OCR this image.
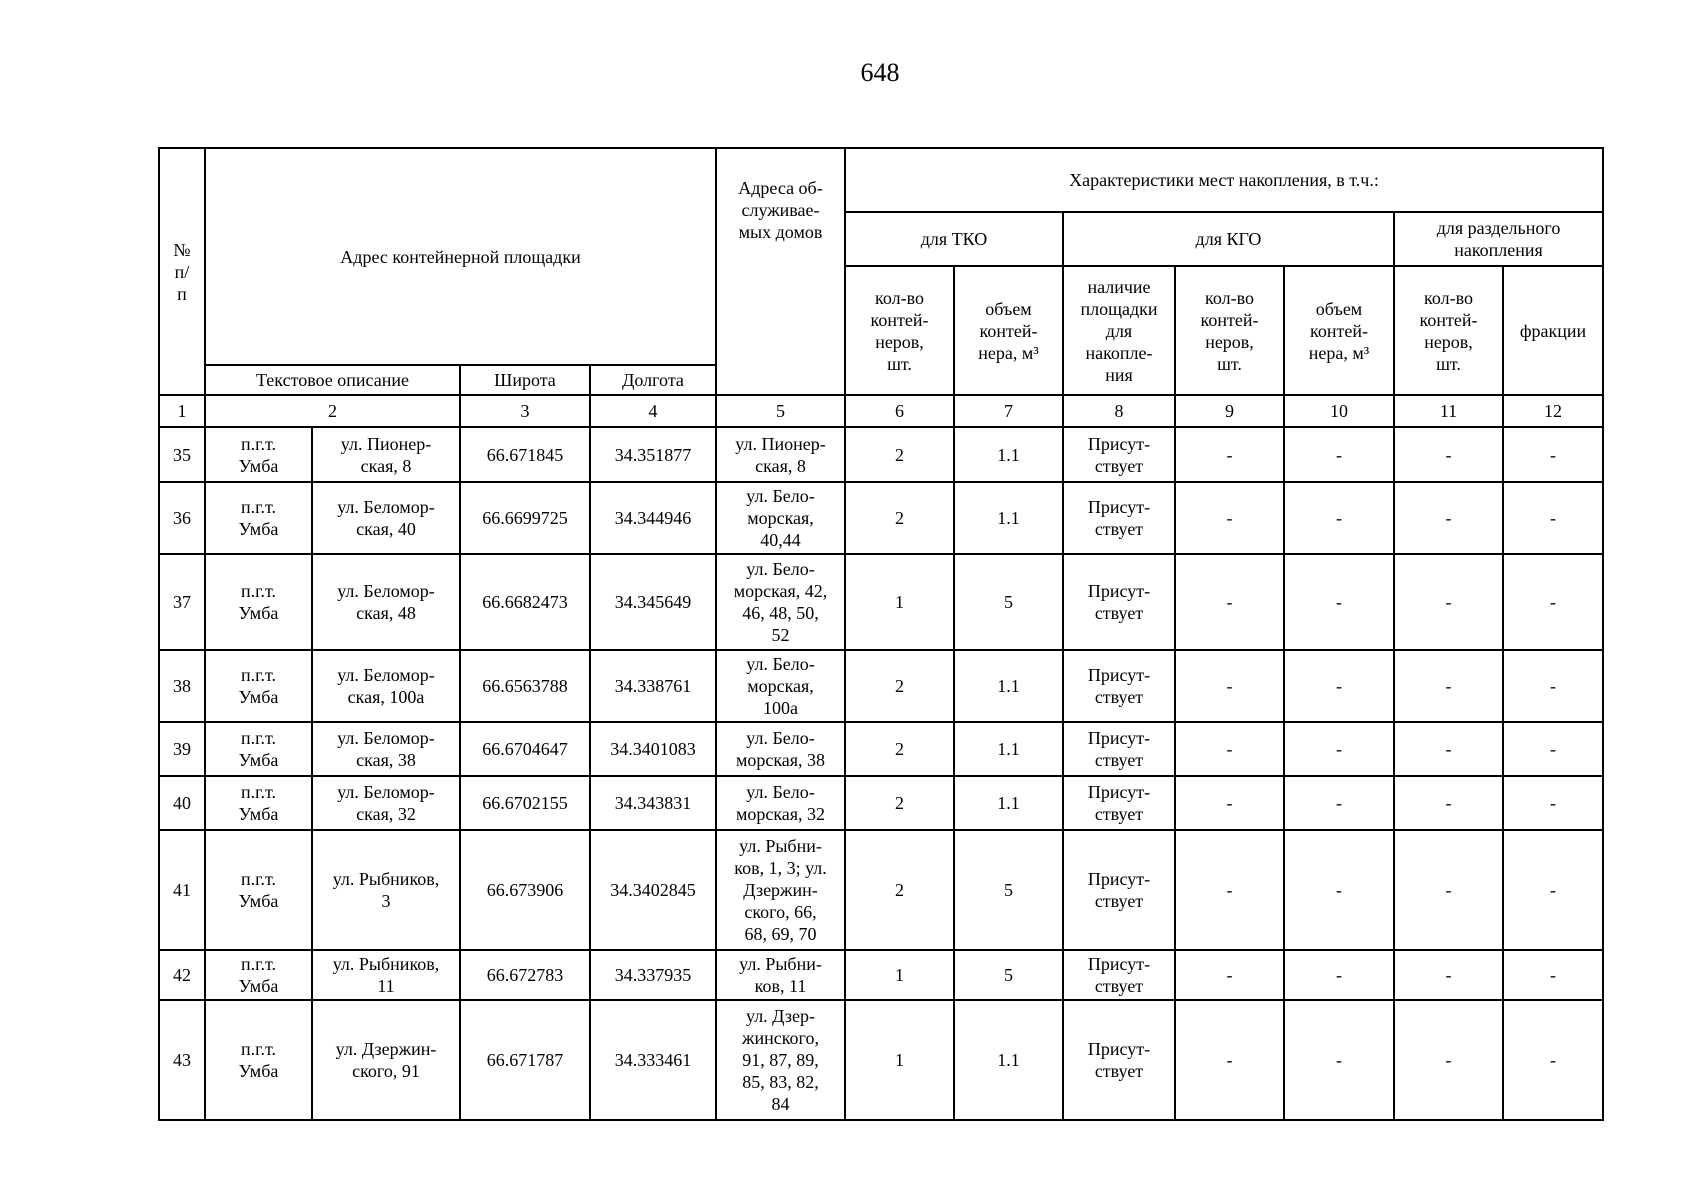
648
№
п/
п	Адрес контейнерной площадки				Адреса об-
служивае-
мых домов	Характеристики мест накопления, в т.ч.:						
						для ТКО		для КГО			для раздельного
накопления	
						кол-во
контей-
неров,
шт.	объем
контей-
нера, м³	наличие
площадки
для
накопле-
ния	кол-во
контей-
неров,
шт.	объем
контей-
нера, м³	кол-во
контей-
неров,
шт.	фракции
	Текстовое описание		Широта	Долгота								
1	2		3	4	5	6	7	8	9	10	11	12
35	п.г.т.
Умба	ул. Пионер-
ская, 8	66.671845	34.351877	ул. Пионер-
ская, 8	2	1.1	Присут-
ствует	-	-	-	-
36	п.г.т.
Умба	ул. Беломор-
ская, 40	66.6699725	34.344946	ул. Бело-
морская,
40,44	2	1.1	Присут-
ствует	-	-	-	-
37	п.г.т.
Умба	ул. Беломор-
ская, 48	66.6682473	34.345649	ул. Бело-
морская, 42,
46, 48, 50,
52	1	5	Присут-
ствует	-	-	-	-
38	п.г.т.
Умба	ул. Беломор-
ская, 100а	66.6563788	34.338761	ул. Бело-
морская,
100а	2	1.1	Присут-
ствует	-	-	-	-
39	п.г.т.
Умба	ул. Беломор-
ская, 38	66.6704647	34.3401083	ул. Бело-
морская, 38	2	1.1	Присут-
ствует	-	-	-	-
40	п.г.т.
Умба	ул. Беломор-
ская, 32	66.6702155	34.343831	ул. Бело-
морская, 32	2	1.1	Присут-
ствует	-	-	-	-
41	п.г.т.
Умба	ул. Рыбников,
3	66.673906	34.3402845	ул. Рыбни-
ков, 1, 3; ул.
Дзержин-
ского, 66,
68, 69, 70	2	5	Присут-
ствует	-	-	-	-
42	п.г.т.
Умба	ул. Рыбников,
11	66.672783	34.337935	ул. Рыбни-
ков, 11	1	5	Присут-
ствует	-	-	-	-
43	п.г.т.
Умба	ул. Дзержин-
ского, 91	66.671787	34.333461	ул. Дзер-
жинского,
91, 87, 89,
85, 83, 82,
84	1	1.1	Присут-
ствует	-	-	-	-
